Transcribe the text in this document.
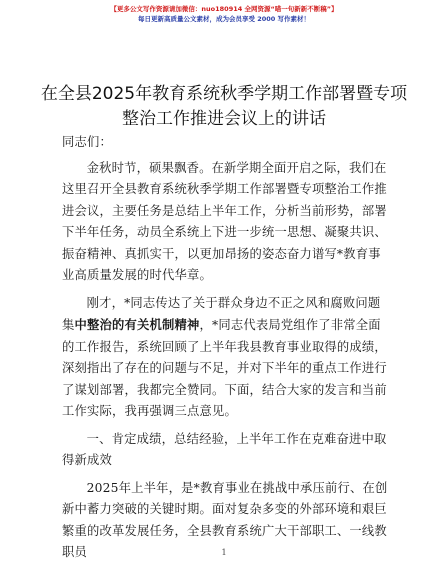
【更多公文写作资源请加微信：nuo180914 全网资源“喵一句新新不断稿”】
每日更新高质量公文素材，成为会员享受 2000 写作素材！
在全县2025年教育系统秋季学期工作部署暨专项整治工作推进会议上的讲话

同志们：

金秋时节，硕果飘香。在新学期全面开启之际，我们在这里召开全县教育系统秋季学期工作部署暨专项整治工作推进会议，主要任务是总结上半年工作，分析当前形势，部署下半年任务，动员全系统上下进一步统一思想、凝聚共识、振奋精神、真抓实干，以更加昂扬的姿态奋力谱写*教育事业高质量发展的时代华章。

刚才，*同志传达了关于群众身边不正之风和腐败问题集中整治的有关机制精神，*同志代表局党组作了非常全面的工作报告，系统回顾了上半年我县教育事业取得的成绩，深刻指出了存在的问题与不足，并对下半年的重点工作进行了谋划部署，我都完全赞同。下面，结合大家的发言和当前工作实际，我再强调三点意见。

一、肯定成绩，总结经验，上半年工作在克难奋进中取得新成效

2025年上半年，是*教育事业在挑战中承压前行、在创新中蓄力突破的关键时期。面对复杂多变的外部环境和艰巨繁重的改革发展任务，全县教育系统广大干部职工、一线教职员	1
